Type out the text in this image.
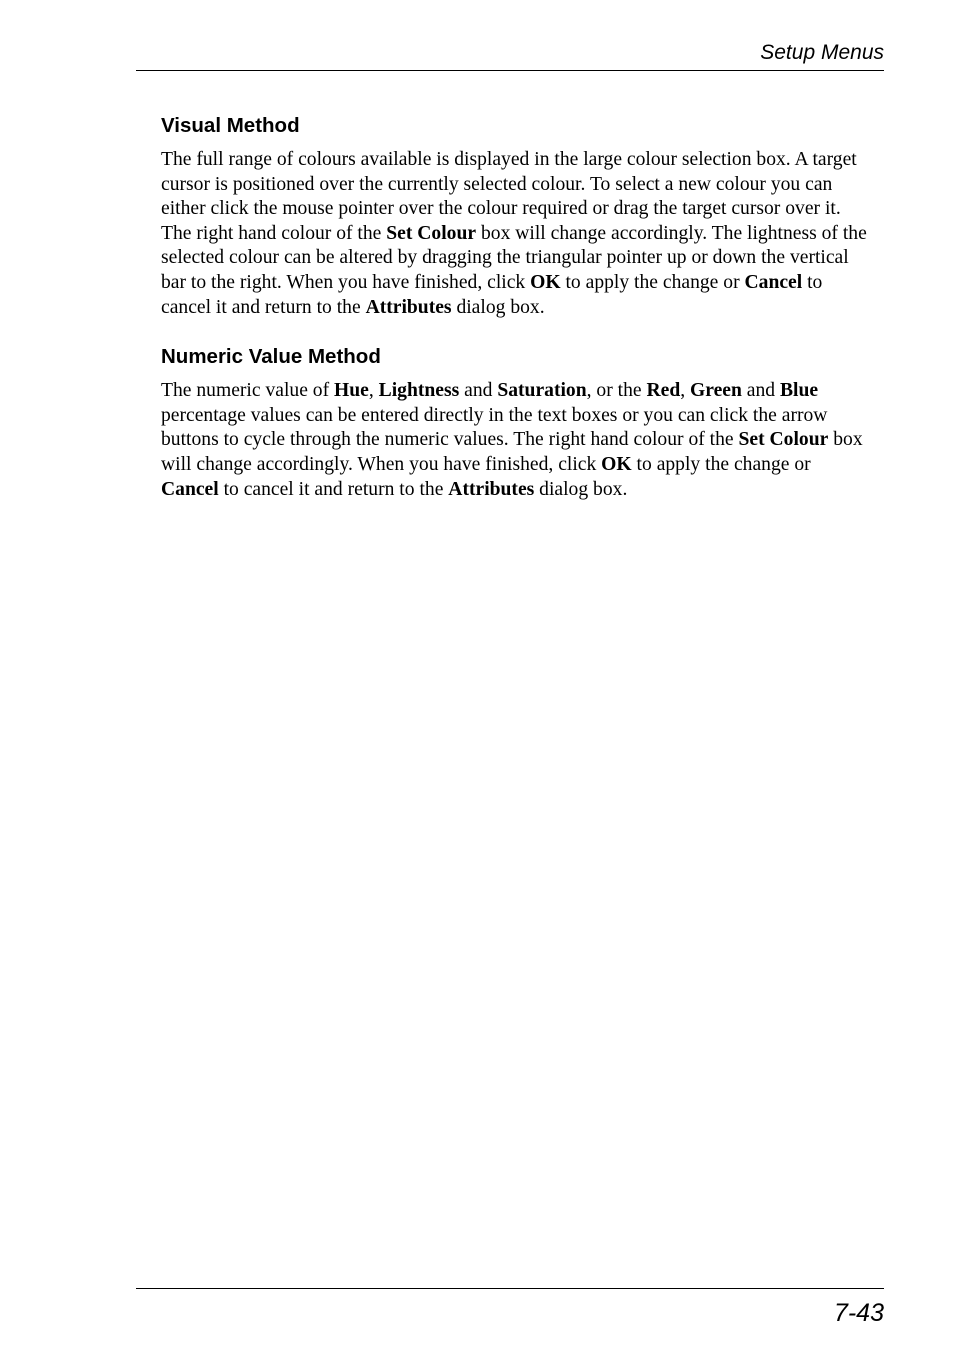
Setup Menus
Visual Method

The full range of colours available is displayed in the large colour selection box. A target cursor is positioned over the currently selected colour. To select a new colour you can either click the mouse pointer over the colour required or drag the target cursor over it. The right hand colour of the Set Colour box will change accordingly. The lightness of the selected colour can be altered by dragging the triangular pointer up or down the vertical bar to the right. When you have finished, click OK to apply the change or Cancel to cancel it and return to the Attributes dialog box.

Numeric Value Method

The numeric value of Hue, Lightness and Saturation, or the Red, Green and Blue percentage values can be entered directly in the text boxes or you can click the arrow buttons to cycle through the numeric values. The right hand colour of the Set Colour box will change accordingly. When you have finished, click OK to apply the change or Cancel to cancel it and return to the Attributes dialog box.

7-43
